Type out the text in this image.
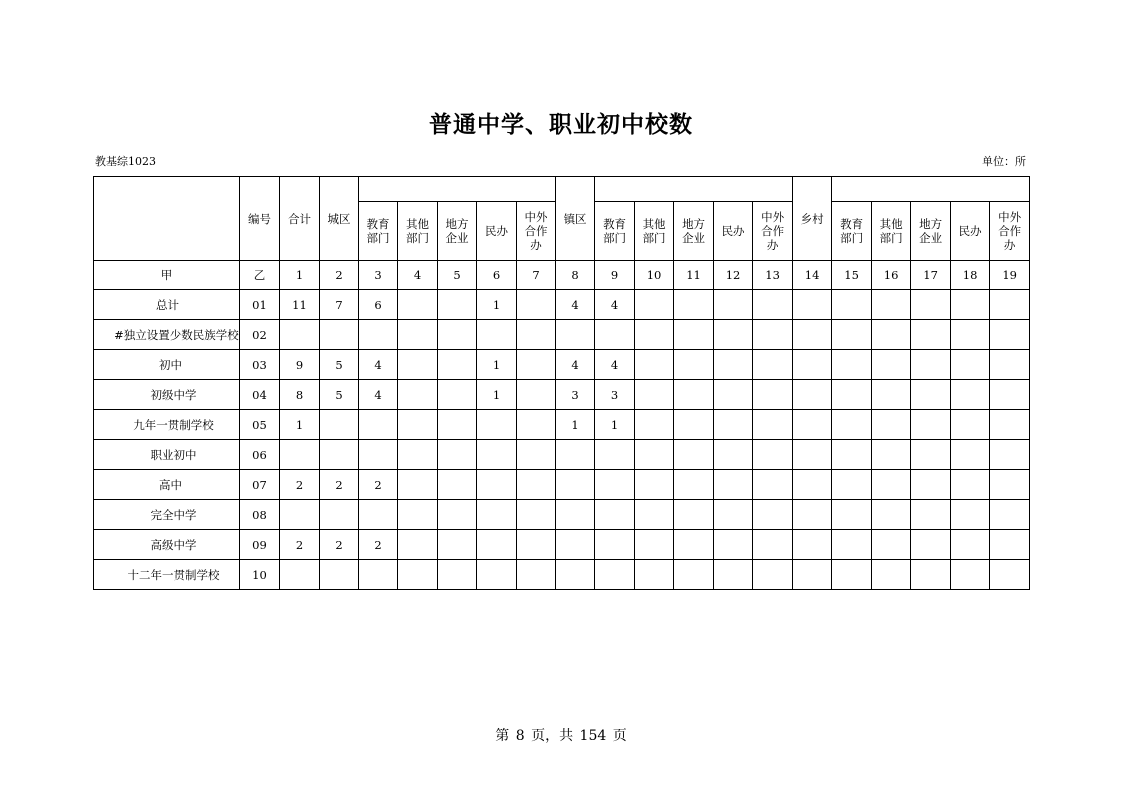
普通中学、职业初中校数
教基综1023	单位：所
	编号	合计	城区						镇区						乡村					
				教育部门	其他部门	地方企业	民办	中外合作办		教育部门	其他部门	地方企业	民办	中外合作办		教育部门	其他部门	地方企业	民办	中外合作办
甲	乙	1	2	3	4	5	6	7	8	9	10	11	12	13	14	15	16	17	18	19
总计	01	11	7	6			1		4	4										

#独立设置少数民族学校	02																			
初中	03	9	5	4			1		4	4										
初级中学	04	8	5	4			1		3	3										
九年一贯制学校	05	1							1	1										
职业初中	06																			
高中	07	2	2	2																
完全中学	08																			
高级中学	09	2	2	2																
十二年一贯制学校	10																			
第 8 页，共 154 页
